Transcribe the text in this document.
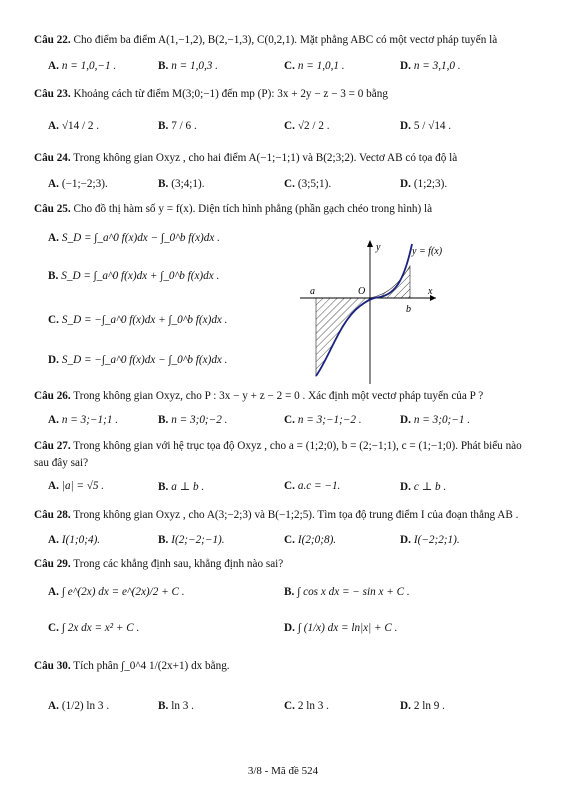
Câu 22. Cho điểm ba điểm A(1,−1,2), B(2,−1,3), C(0,2,1). Mặt phẳng ABC có một vectơ pháp tuyến là
A. n = 1,0,−1 .	B. n = 1,0,3 .	C. n = 1,0,1 .	D. n = 3,1,0 .
Câu 23. Khoảng cách từ điểm M(3;0;−1) đến mp (P): 3x + 2y − z − 3 = 0 bằng
A. √14 / 2 .	B. 7 / 6 .	C. √2 / 2 .	D. 5 / √14 .
Câu 24. Trong không gian Oxyz , cho hai điểm A(−1;−1;1) và B(2;3;2). Vectơ AB có tọa độ là
A. (−1;−2;3).	B. (3;4;1).	C. (3;5;1).	D. (1;2;3).
Câu 25. Cho đồ thị hàm số y = f(x). Diện tích hình phẳng (phần gạch chéo trong hình) là
A. S_D = ∫_a^0 f(x)dx − ∫_0^b f(x)dx .
B. S_D = ∫_a^0 f(x)dx + ∫_0^b f(x)dx .
C. S_D = −∫_a^0 f(x)dx + ∫_0^b f(x)dx .
D. S_D = −∫_a^0 f(x)dx − ∫_0^b f(x)dx .
y
x
O
a
b
y = f(x)
Câu 26. Trong không gian Oxyz, cho P : 3x − y + z − 2 = 0 . Xác định một vectơ pháp tuyến của P ?
A. n = 3;−1;1 .	B. n = 3;0;−2 .	C. n = 3;−1;−2 .	D. n = 3;0;−1 .
Câu 27. Trong không gian với hệ trục tọa độ Oxyz , cho a = (1;2;0), b = (2;−1;1), c = (1;−1;0). Phát biểu nào
sau đây sai?
A. |a| = √5 .	B. a ⊥ b .	C. a.c = −1.	D. c ⊥ b .
Câu 28. Trong không gian Oxyz , cho A(3;−2;3) và B(−1;2;5). Tìm tọa độ trung điểm I của đoạn thẳng AB .
A. I(1;0;4).	B. I(2;−2;−1).	C. I(2;0;8).	D. I(−2;2;1).
Câu 29. Trong các khẳng định sau, khẳng định nào sai?
A. ∫ e^(2x) dx = e^(2x)/2 + C .	B. ∫ cos x dx = − sin x + C .
C. ∫ 2x dx = x² + C .	D. ∫ (1/x) dx = ln|x| + C .
Câu 30. Tích phân ∫_0^4 1/(2x+1) dx bằng.
A. (1/2) ln 3 .	B. ln 3 .	C. 2 ln 3 .	D. 2 ln 9 .
3/8 - Mã đề 524
